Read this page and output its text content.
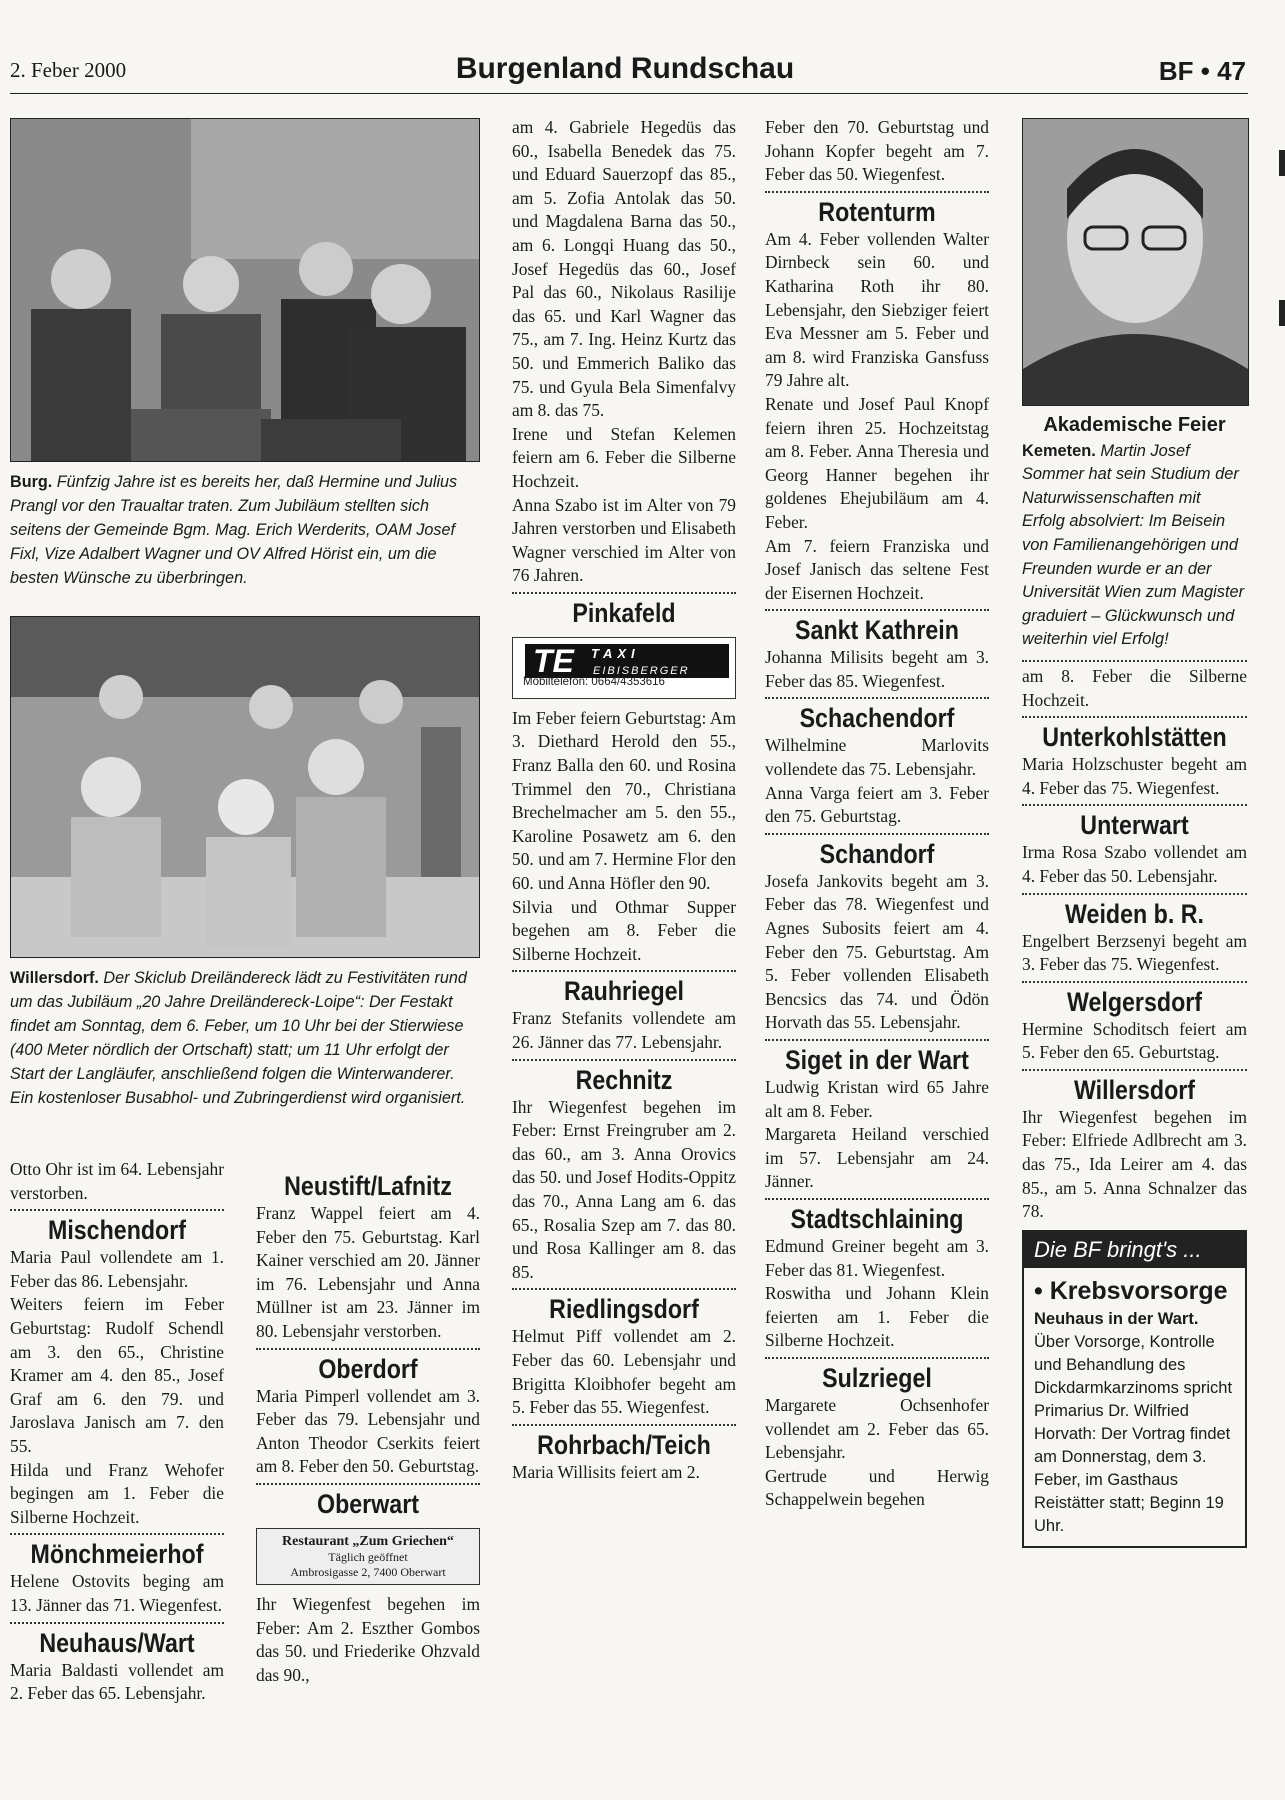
2. Feber 2000	Burgenland Rundschau	BF • 47
Burg. Fünfzig Jahre ist es bereits her, daß Hermine und Julius Prangl vor den Traualtar traten. Zum Jubiläum stellten sich seitens der Gemeinde Bgm. Mag. Erich Werderits, OAM Josef Fixl, Vize Adalbert Wagner und OV Alfred Hörist ein, um die besten Wünsche zu überbringen.
Willersdorf. Der Skiclub Dreiländereck lädt zu Festivitäten rund um das Jubiläum „20 Jahre Dreiländereck-Loipe“: Der Festakt findet am Sonntag, dem 6. Feber, um 10 Uhr bei der Stierwiese (400 Meter nördlich der Ortschaft) statt; um 11 Uhr erfolgt der Start der Langläufer, anschließend folgen die Winterwanderer. Ein kostenloser Busabhol- und Zubringerdienst wird organisiert.

Otto Ohr ist im 64. Lebensjahr verstorben.

Mischendorf

Maria Paul vollendete am 1. Feber das 86. Lebensjahr.

Weiters feiern im Feber Geburtstag: Rudolf Schendl am 3. den 65., Christine Kramer am 4. den 85., Josef Graf am 6. den 79. und Jaroslava Janisch am 7. den 55.

Hilda und Franz Wehofer begingen am 1. Feber die Silberne Hochzeit.

Mönchmeierhof

Helene Ostovits beging am 13. Jänner das 71. Wiegenfest.

Neuhaus/Wart

Maria Baldasti vollendet am 2. Feber das 65. Lebensjahr.

Neustift/Lafnitz

Franz Wappel feiert am 4. Feber den 75. Geburtstag. Karl Kainer verschied am 20. Jänner im 76. Lebensjahr und Anna Müllner ist am 23. Jänner im 80. Lebensjahr verstorben.

Oberdorf

Maria Pimperl vollendet am 3. Feber das 79. Lebensjahr und Anton Theodor Cserkits feiert am 8. Feber den 50. Geburtstag.

Oberwart
Restaurant „Zum Griechen“
Täglich geöffnet
Ambrosigasse 2, 7400 Oberwart

Ihr Wiegenfest begehen im Feber: Am 2. Eszther Gombos das 50. und Friederike Ohzvald das 90.,

am 4. Gabriele Hegedüs das 60., Isabella Benedek das 75. und Eduard Sauerzopf das 85., am 5. Zofia Antolak das 50. und Magdalena Barna das 50., am 6. Longqi Huang das 50., Josef Hegedüs das 60., Josef Pal das 60., Nikolaus Rasilije das 65. und Karl Wagner das 75., am 7. Ing. Heinz Kurtz das 50. und Emmerich Baliko das 75. und Gyula Bela Simenfalvy am 8. das 75.

Irene und Stefan Kelemen feiern am 6. Feber die Silberne Hochzeit.

Anna Szabo ist im Alter von 79 Jahren verstorben und Elisabeth Wagner verschied im Alter von 76 Jahren.

Pinkafeld
TE	TAXI
EIBISBERGER
Mobiltelefon: 0664/4353616

Im Feber feiern Geburtstag: Am 3. Diethard Herold den 55., Franz Balla den 60. und Rosina Trimmel den 70., Christiana Brechelmacher am 5. den 55., Karoline Posawetz am 6. den 50. und am 7. Hermine Flor den 60. und Anna Höfler den 90.

Silvia und Othmar Supper begehen am 8. Feber die Silberne Hochzeit.

Rauhriegel

Franz Stefanits vollendete am 26. Jänner das 77. Lebensjahr.

Rechnitz

Ihr Wiegenfest begehen im Feber: Ernst Freingruber am 2. das 60., am 3. Anna Orovics das 50. und Josef Hodits-Oppitz das 70., Anna Lang am 6. das 65., Rosalia Szep am 7. das 80. und Rosa Kallinger am 8. das 85.

Riedlingsdorf

Helmut Piff vollendet am 2. Feber das 60. Lebensjahr und Brigitta Kloibhofer begeht am 5. Feber das 55. Wiegenfest.

Rohrbach/Teich

Maria Willisits feiert am 2.

Feber den 70. Geburtstag und Johann Kopfer begeht am 7. Feber das 50. Wiegenfest.

Rotenturm

Am 4. Feber vollenden Walter Dirnbeck sein 60. und Katharina Roth ihr 80. Lebensjahr, den Siebziger feiert Eva Messner am 5. Feber und am 8. wird Franziska Gansfuss 79 Jahre alt.

Renate und Josef Paul Knopf feiern ihren 25. Hochzeitstag am 8. Feber. Anna Theresia und Georg Hanner begehen ihr goldenes Ehejubiläum am 4. Feber.

Am 7. feiern Franziska und Josef Janisch das seltene Fest der Eisernen Hochzeit.

Sankt Kathrein

Johanna Milisits begeht am 3. Feber das 85. Wiegenfest.

Schachendorf

Wilhelmine Marlovits vollendete das 75. Lebensjahr.

Anna Varga feiert am 3. Feber den 75. Geburtstag.

Schandorf

Josefa Jankovits begeht am 3. Feber das 78. Wiegenfest und Agnes Subosits feiert am 4. Feber den 75. Geburtstag. Am 5. Feber vollenden Elisabeth Bencsics das 74. und Ödön Horvath das 55. Lebensjahr.

Siget in der Wart

Ludwig Kristan wird 65 Jahre alt am 8. Feber.

Margareta Heiland verschied im 57. Lebensjahr am 24. Jänner.

Stadtschlaining

Edmund Greiner begeht am 3. Feber das 81. Wiegenfest.

Roswitha und Johann Klein feierten am 1. Feber die Silberne Hochzeit.

Sulzriegel

Margarete Ochsenhofer vollendet am 2. Feber das 65. Lebensjahr.

Gertrude und Herwig Schappelwein begehen

Akademische Feier
Kemeten. Martin Josef Sommer hat sein Studium der Naturwissenschaften mit Erfolg absolviert: Im Beisein von Familienangehörigen und Freunden wurde er an der Universität Wien zum Magister graduiert – Glückwunsch und weiterhin viel Erfolg!

am 8. Feber die Silberne Hochzeit.

Unterkohlstätten

Maria Holzschuster begeht am 4. Feber das 75. Wiegenfest.

Unterwart

Irma Rosa Szabo vollendet am 4. Feber das 50. Lebensjahr.

Weiden b. R.

Engelbert Berzsenyi begeht am 3. Feber das 75. Wiegenfest.

Welgersdorf

Hermine Schoditsch feiert am 5. Feber den 65. Geburtstag.

Willersdorf

Ihr Wiegenfest begehen im Feber: Elfriede Adlbrecht am 3. das 75., Ida Leirer am 4. das 85., am 5. Anna Schnalzer das 78.

Die BF bringt's ...
• Krebsvorsorge
Neuhaus in der Wart. Über Vorsorge, Kontrolle und Behandlung des Dickdarmkarzinoms spricht Primarius Dr. Wilfried Horvath: Der Vortrag findet am Donnerstag, dem 3. Feber, im Gasthaus Reistätter statt; Beginn 19 Uhr.
